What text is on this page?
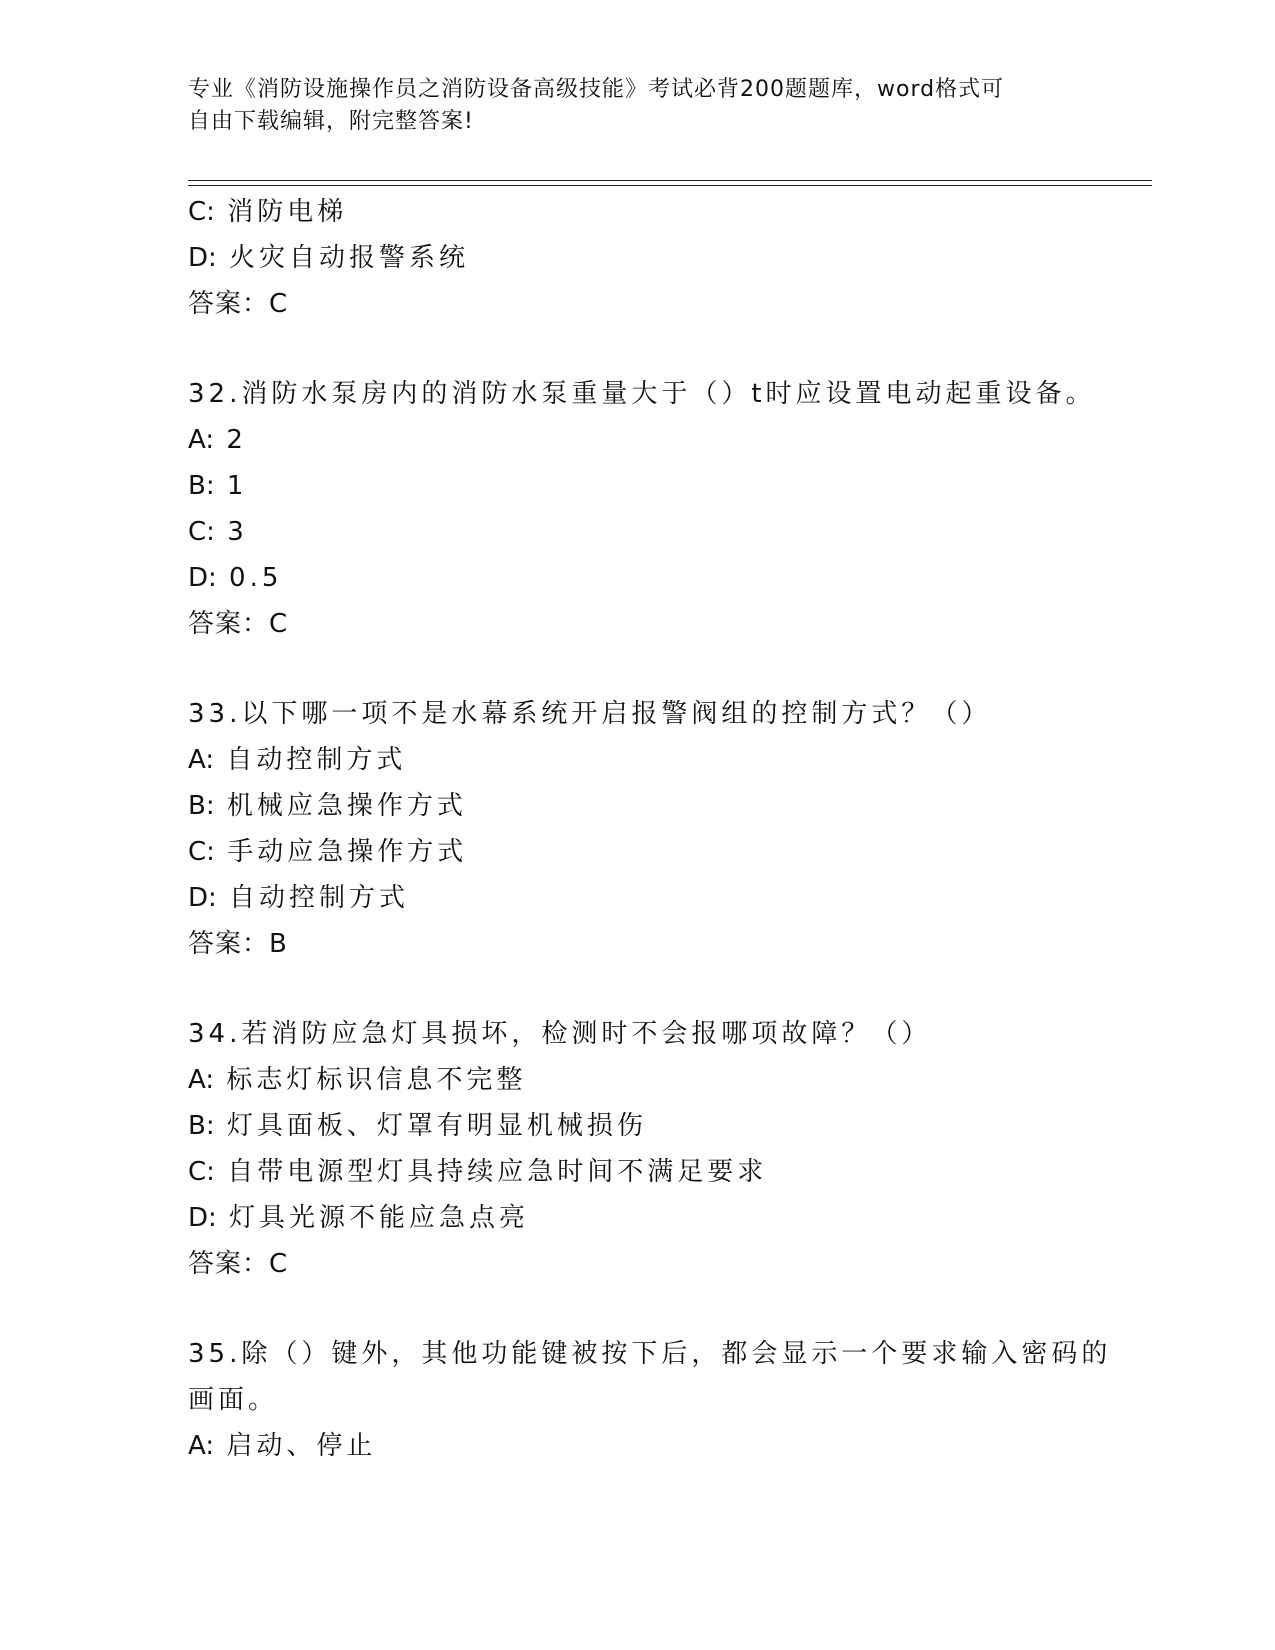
专业《消防设施操作员之消防设备高级技能》考试必背200题题库，word格式可
自由下载编辑，附完整答案!
C: 消防电梯
D: 火灾自动报警系统
答案：C
32.消防水泵房内的消防水泵重量大于（）t时应设置电动起重设备。
A: 2
B: 1
C: 3
D: 0.5
答案：C
33.以下哪一项不是水幕系统开启报警阀组的控制方式？（）
A: 自动控制方式
B: 机械应急操作方式
C: 手动应急操作方式
D: 自动控制方式
答案：B
34.若消防应急灯具损坏，检测时不会报哪项故障？（）
A: 标志灯标识信息不完整
B: 灯具面板、灯罩有明显机械损伤
C: 自带电源型灯具持续应急时间不满足要求
D: 灯具光源不能应急点亮
答案：C
35.除（）键外，其他功能键被按下后，都会显示一个要求输入密码的
画面。
A: 启动、停止
